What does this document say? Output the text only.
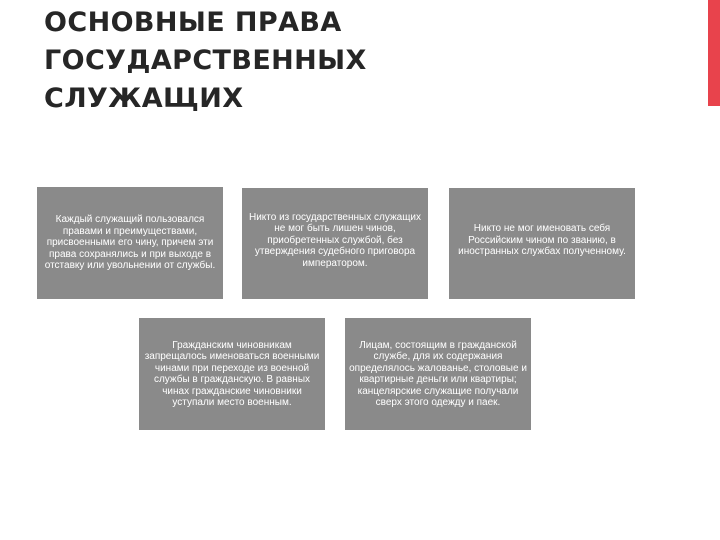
ОСНОВНЫЕ ПРАВА ГОСУДАРСТВЕННЫХ СЛУЖАЩИХ
Каждый служащий пользовался правами и преимуществами, присвоенными его чину, причем эти права сохранялись и при выходе в отставку или увольнении от службы.
Никто из государственных служащих не мог быть лишен чинов, приобретенных службой, без утверждения судебного приговора императором.
Никто не мог именовать себя Российским чином по званию, в иностранных службах полученному.
Гражданским чиновникам запрещалось именоваться военными чинами при переходе из военной службы в гражданскую. В равных чинах гражданские чиновники уступали место военным.
Лицам, состоящим в гражданской службе, для их содержания определялось жалованье, столовые и квартирные деньги или квартиры; канцелярские служащие получали сверх этого одежду и паек.
